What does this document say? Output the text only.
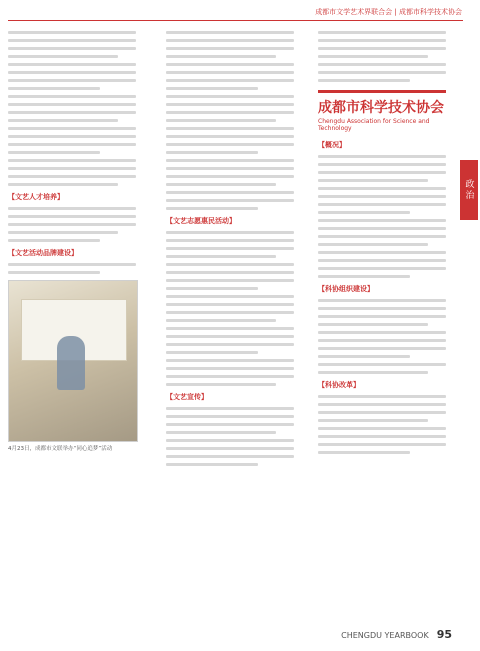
成都市文学艺术界联合会 | 成都市科学技术协会
【文艺人才培养】
【文艺活动品牌建设】
4月23日，成都市文联举办“同心追梦”活动
【文艺志愿惠民活动】
【文艺宣传】
成都市科学技术协会
Chengdu Association for Science and Technology
【概况】
【科协组织建设】
【科协改革】
政治
CHENGDU YEARBOOK 95
